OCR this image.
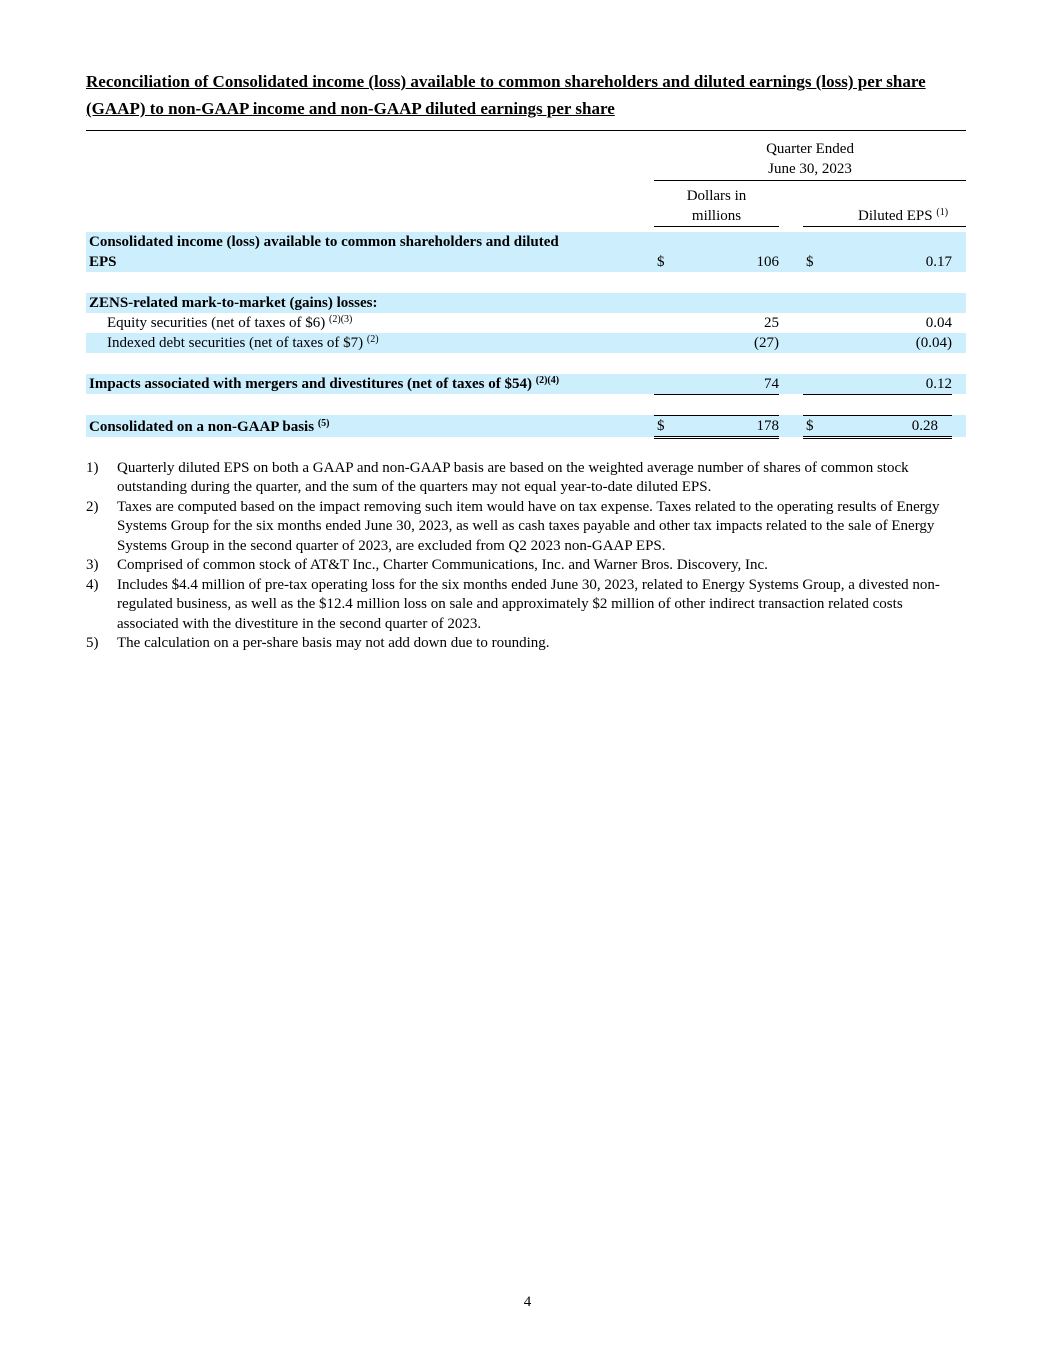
Reconciliation of Consolidated income (loss) available to common shareholders and diluted earnings (loss) per share (GAAP) to non-GAAP income and non-GAAP diluted earnings per share

	Quarter Ended
June 30, 2023					

	Dollars in
millions			Diluted EPS $^{(1)}$

Consolidated income (loss) available to common shareholders and diluted
EPS	$	106		$	0.17	

ZENS-related mark-to-market (gains) losses:						
Equity securities (net of taxes of $6) $^{(2)(3)}$		25			0.04	
Indexed debt securities (net of taxes of $7) $^{(2)}$		(27)			(0.04)	

Impacts associated with mergers and divestitures (net of taxes of $54) $^{(2)(4)}$		74			0.12	

Consolidated on a non-GAAP basis $^{(5)}$	$	178		$	0.28	
1) Quarterly diluted EPS on both a GAAP and non-GAAP basis are based on the weighted average number of shares of common stock outstanding during the quarter, and the sum of the quarters may not equal year-to-date diluted EPS.
2) Taxes are computed based on the impact removing such item would have on tax expense. Taxes related to the operating results of Energy Systems Group for the six months ended June 30, 2023, as well as cash taxes payable and other tax impacts related to the sale of Energy Systems Group in the second quarter of 2023, are excluded from Q2 2023 non-GAAP EPS.
3) Comprised of common stock of AT&T Inc., Charter Communications, Inc. and Warner Bros. Discovery, Inc.
4) Includes $4.4 million of pre-tax operating loss for the six months ended June 30, 2023, related to Energy Systems Group, a divested non-regulated business, as well as the $12.4 million loss on sale and approximately $2 million of other indirect transaction related costs associated with the divestiture in the second quarter of 2023.
5) The calculation on a per-share basis may not add down due to rounding.
4
